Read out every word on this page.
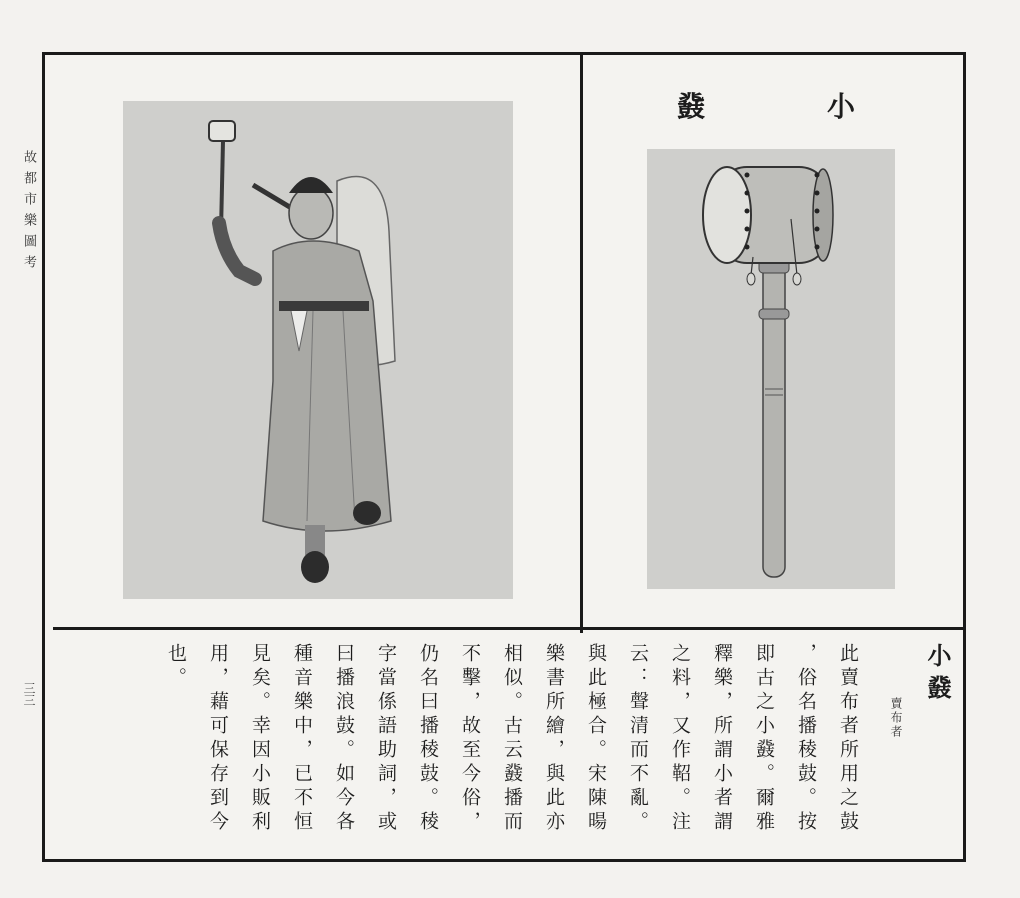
故都市樂圖考
三三
鼗	小
小鼗
賣布者
此賣布者所用之鼓
，俗名播稜鼓。按
即古之小鼗。爾雅
釋樂，所謂小者謂
之料，又作鞀。注
云：聲清而不亂。
與此極合。宋陳暘
樂書所繪，與此亦
相似。古云鼗播而
不擊，故至今俗，
仍名曰播稜鼓。稜
字當係語助詞，或
曰播浪鼓。如今各
種音樂中，已不恒
見矣。幸因小販利
用，藉可保存到今
也。
